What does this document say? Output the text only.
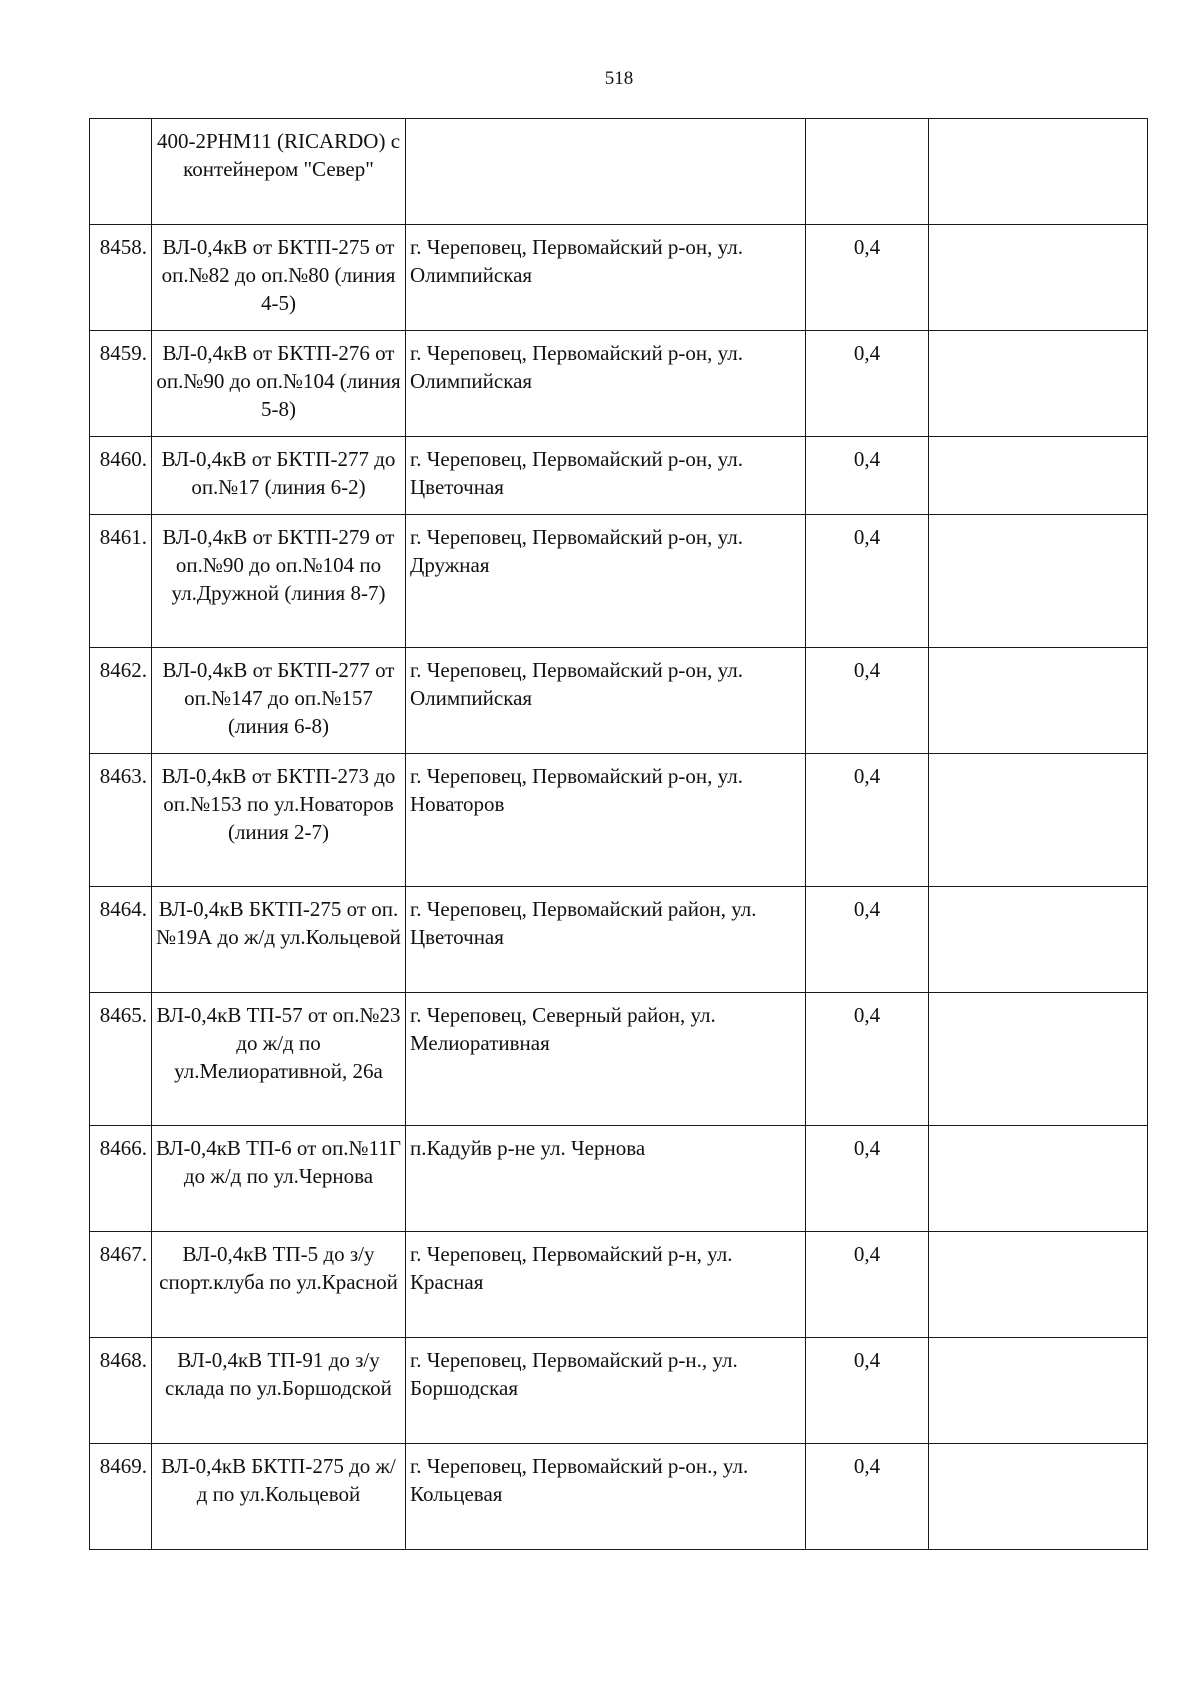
518
	400-2PHM11 (RICARDO) с контейнером "Север"			
8458.	ВЛ-0,4кВ от БКТП-275 от оп.№82 до оп.№80 (линия 4-5)	г. Череповец, Первомайский р-он, ул. Олимпийская	0,4	
8459.	ВЛ-0,4кВ от БКТП-276 от оп.№90 до оп.№104 (линия 5-8)	г. Череповец, Первомайский р-он, ул. Олимпийская	0,4	
8460.	ВЛ-0,4кВ от БКТП-277 до оп.№17 (линия 6-2)	г. Череповец, Первомайский р-он, ул. Цветочная	0,4	
8461.	ВЛ-0,4кВ от БКТП-279 от оп.№90 до оп.№104 по ул.Дружной (линия 8-7)	г. Череповец, Первомайский р-он, ул. Дружная	0,4	
8462.	ВЛ-0,4кВ от БКТП-277 от оп.№147 до оп.№157 (линия 6-8)	г. Череповец, Первомайский р-он, ул. Олимпийская	0,4	
8463.	ВЛ-0,4кВ от БКТП-273 до оп.№153 по ул.Новаторов (линия 2-7)	г. Череповец, Первомайский р-он, ул. Новаторов	0,4	
8464.	ВЛ-0,4кВ БКТП-275 от оп.№19А до ж/д ул.Кольцевой	г. Череповец, Первомайский район, ул. Цветочная	0,4	
8465.	ВЛ-0,4кВ ТП-57 от оп.№23 до ж/д по ул.Мелиоративной, 26а	г. Череповец, Северный район, ул. Мелиоративная	0,4	
8466.	ВЛ-0,4кВ ТП-6 от оп.№11Г до ж/д по ул.Чернова	п.Кадуйв р-не ул. Чернова	0,4	
8467.	ВЛ-0,4кВ ТП-5 до з/у спорт.клуба по ул.Красной	г. Череповец, Первомайский р-н, ул. Красная	0,4	
8468.	ВЛ-0,4кВ ТП-91 до з/у склада по ул.Боршодской	г. Череповец, Первомайский р-н., ул. Боршодская	0,4	
8469.	ВЛ-0,4кВ БКТП-275 до ж/д по ул.Кольцевой	г. Череповец, Первомайский р-он., ул. Кольцевая	0,4	
